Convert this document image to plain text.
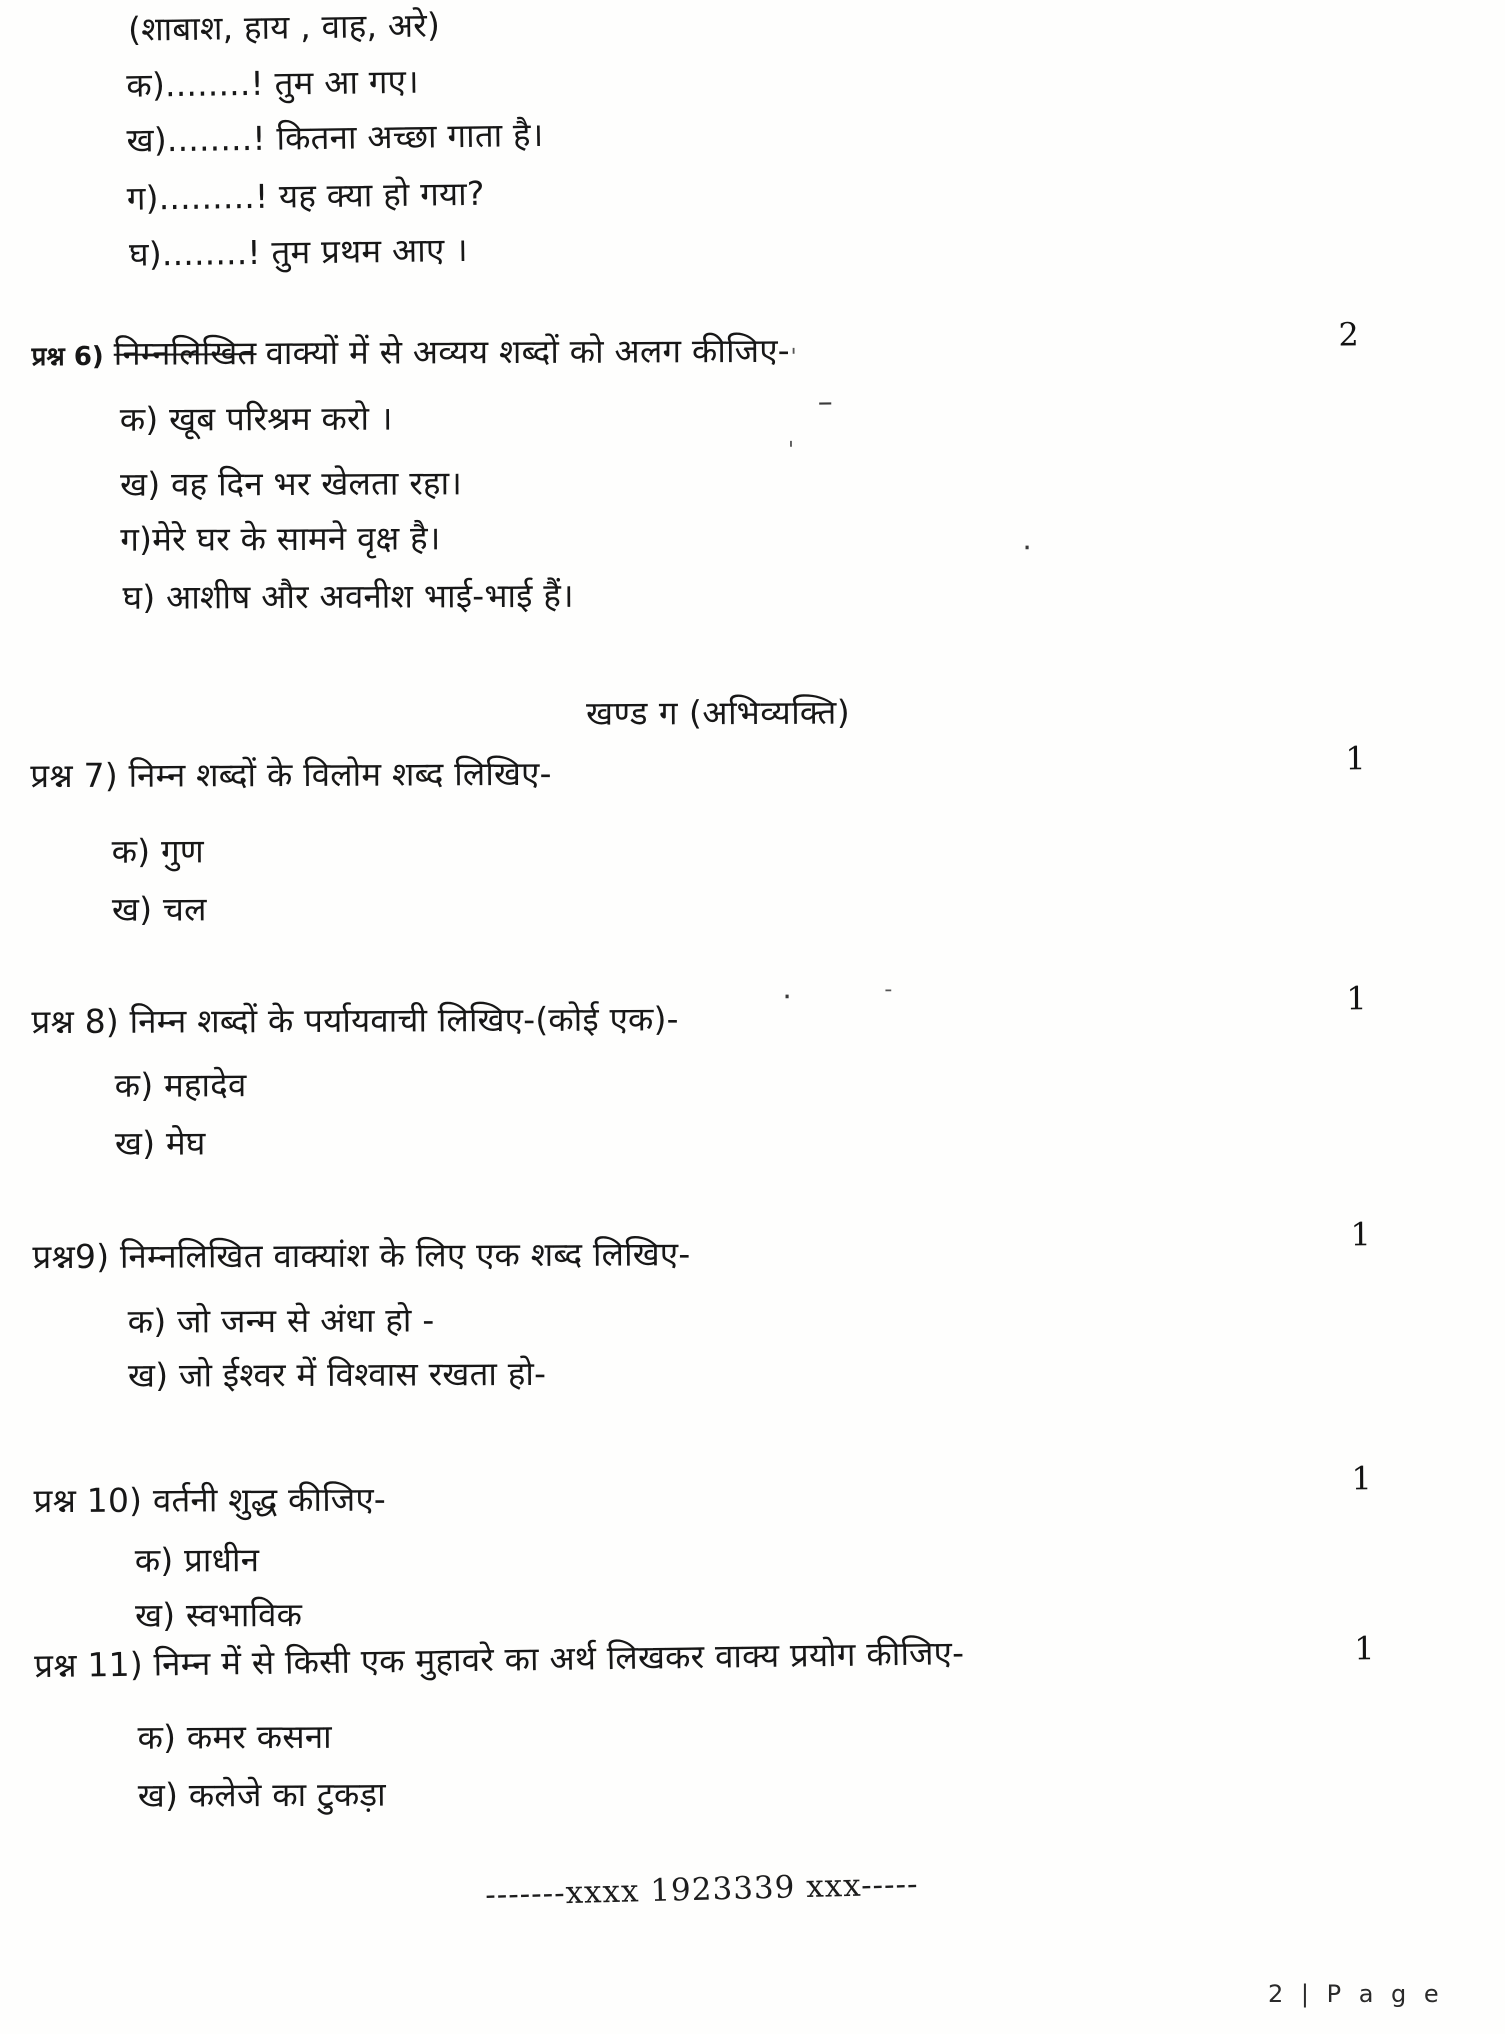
(शाबाश, हाय , वाह, अरे)
क)........! तुम आ गए।
ख)........! कितना अच्छा गाता है।
ग).........! यह क्या हो गया?
घ)........! तुम प्रथम आए ।
प्रश्न 6) निम्नलिखित वाक्यों में से अव्यय शब्दों को अलग कीजिए-	2
क) खूब परिश्रम करो ।
ख) वह दिन भर खेलता रहा।
ग)मेरे घर के सामने वृक्ष है।
घ) आशीष और अवनीश भाई-भाई हैं।
खण्ड ग (अभिव्यक्ति)
प्रश्न 7) निम्न शब्दों के विलोम शब्द लिखिए-	1
क) गुण
ख) चल
प्रश्न 8) निम्न शब्दों के पर्यायवाची लिखिए-(कोई एक)-
1
क) महादेव
ख) मेघ
प्रश्न9) निम्नलिखित वाक्यांश के लिए एक शब्द लिखिए-	1
क) जो जन्म से अंधा हो -
ख) जो ईश्वर में विश्वास रखता हो-
प्रश्न 10) वर्तनी शुद्ध कीजिए-
1
क) प्राधीन
ख) स्वभाविक
प्रश्न 11) निम्न में से किसी एक मुहावरे का अर्थ लिखकर वाक्य प्रयोग कीजिए-	1
क) कमर कसना
ख) कलेजे का टुकड़ा
-------xxxx 1923339 xxx-----
–
'
'
·
·	-
2 | P a g e
